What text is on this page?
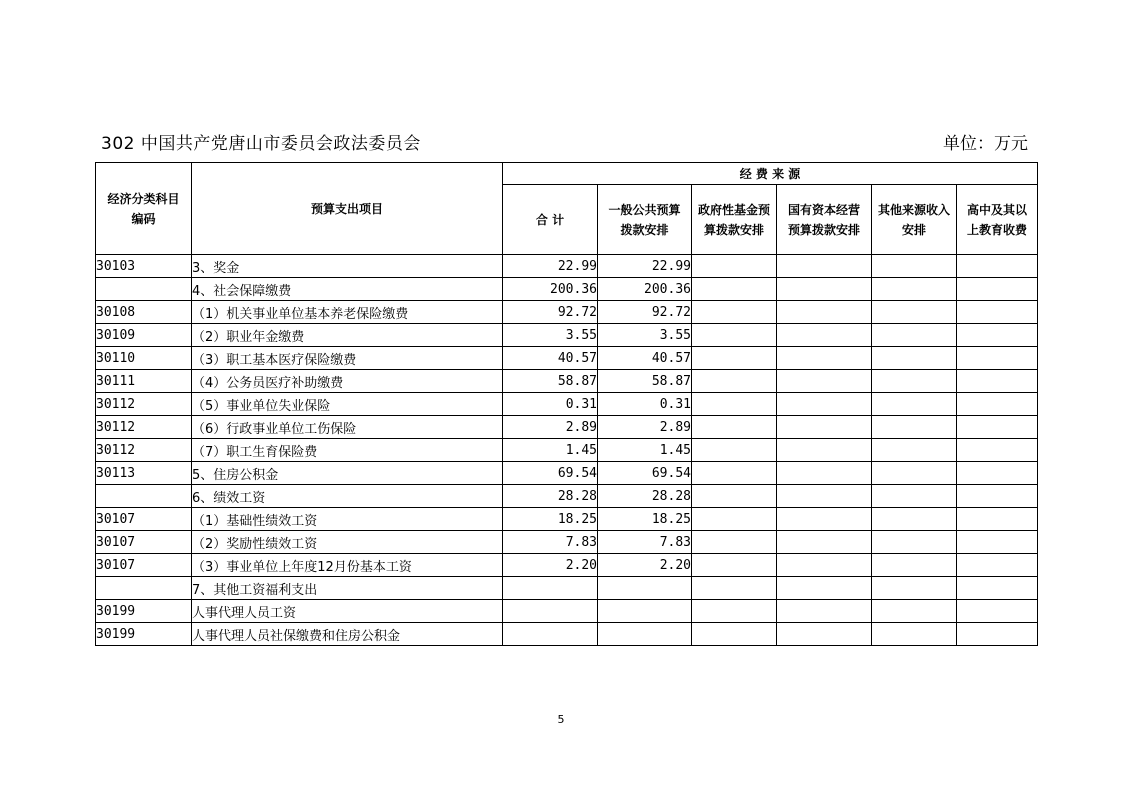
302 中国共产党唐山市委员会政法委员会	单位：万元
经济分类科目编码	预算支出项目	经 费 来 源					
		合 计	一般公共预算拨款安排	政府性基金预算拨款安排	国有资本经营预算拨款安排	其他来源收入安排	高中及其以上教育收费
30103	3、奖金	22.99	22.99				
	4、社会保障缴费	200.36	200.36				
30108	（1）机关事业单位基本养老保险缴费	92.72	92.72				
30109	（2）职业年金缴费	3.55	3.55				
30110	（3）职工基本医疗保险缴费	40.57	40.57				
30111	（4）公务员医疗补助缴费	58.87	58.87				
30112	（5）事业单位失业保险	0.31	0.31				
30112	（6）行政事业单位工伤保险	2.89	2.89				
30112	（7）职工生育保险费	1.45	1.45				
30113	5、住房公积金	69.54	69.54				
	6、绩效工资	28.28	28.28				
30107	（1）基础性绩效工资	18.25	18.25				
30107	（2）奖励性绩效工资	7.83	7.83				
30107	（3）事业单位上年度12月份基本工资	2.20	2.20				
	7、其他工资福利支出						
30199	人事代理人员工资						
30199	人事代理人员社保缴费和住房公积金						
5
